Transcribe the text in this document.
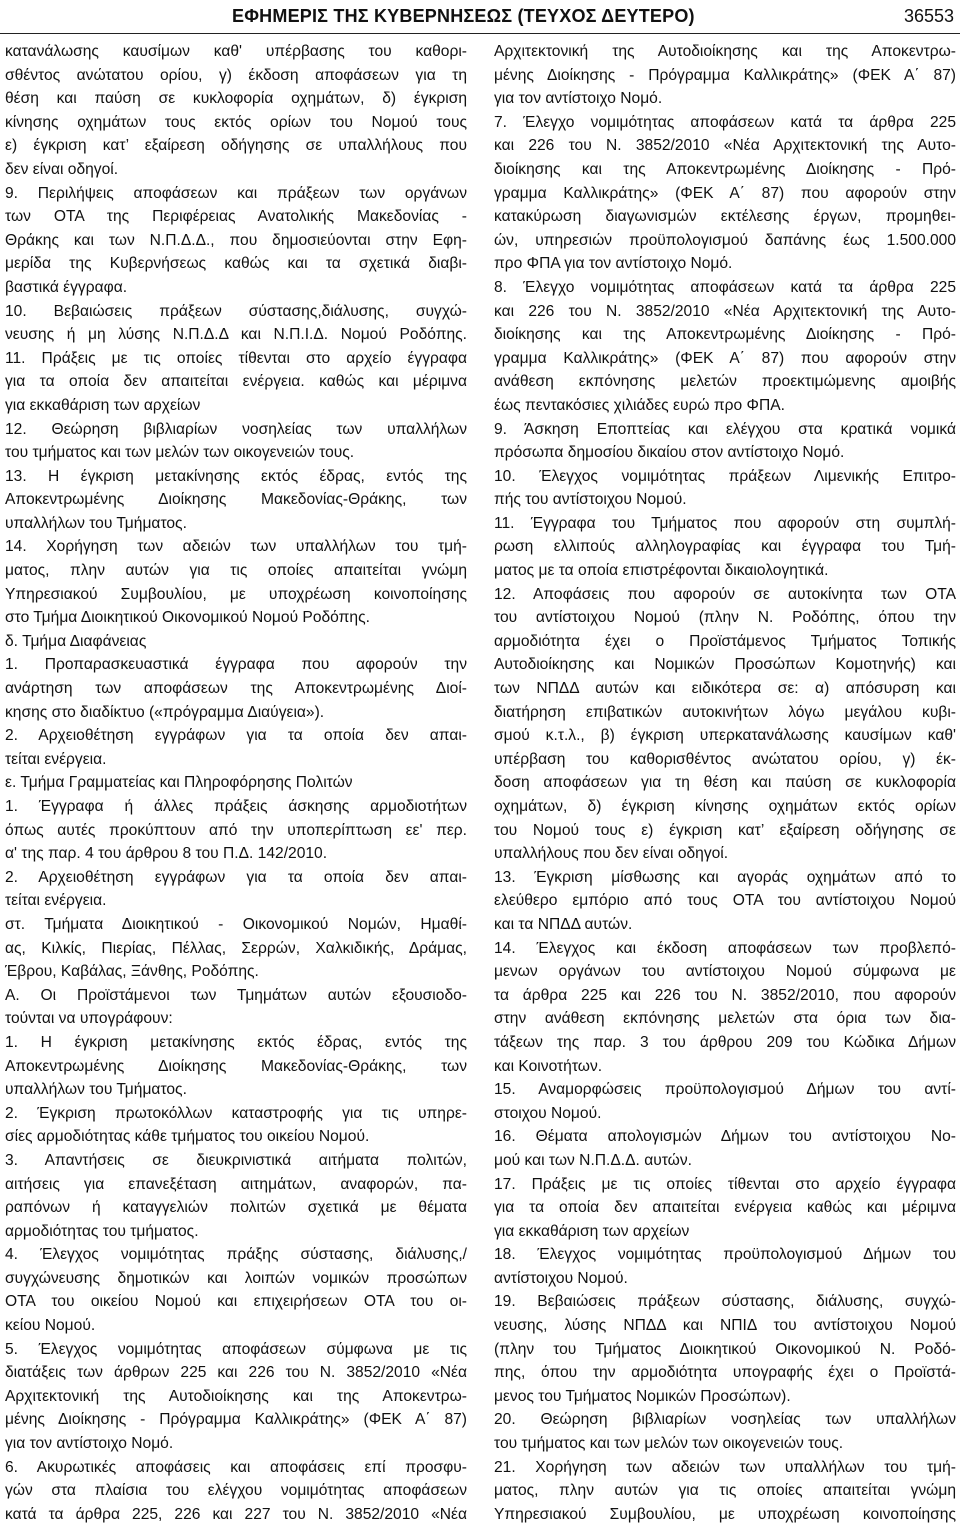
ΕΦΗΜΕΡΙΣ ΤΗΣ ΚΥΒΕΡΝΗΣΕΩΣ (ΤΕΥΧΟΣ ΔΕΥΤΕΡΟ)	36553
κατανάλωσης καυσίμων καθ' υπέρβασης του καθορι-
σθέντος ανώτατου ορίου, γ) έκδοση αποφάσεων για τη
θέση και παύση σε κυκλοφορία οχημάτων, δ) έγκριση
κίνησης οχημάτων τους εκτός ορίων του Νομού τους
ε) έγκριση κατ’ εξαίρεση οδήγησης σε υπαλλήλους που
δεν είναι οδηγοί.
9. Περιλήψεις αποφάσεων και πράξεων των οργάνων
των ΟΤΑ της Περιφέρειας Ανατολικής Μακεδονίας -
Θράκης και των Ν.Π.Δ.Δ., που δημοσιεύονται στην Εφη-
μερίδα της Κυβερνήσεως καθώς και τα σχετικά διαβι-
βαστικά έγγραφα.
10. Βεβαιώσεις πράξεων σύστασης,διάλυσης, συγχώ-
νευσης ή μη λύσης Ν.Π.Δ.Δ και Ν.Π.Ι.Δ. Νομού Ροδόπης.
11. Πράξεις με τις οποίες τίθενται στο αρχείο έγγραφα
για τα οποία δεν απαιτείται ενέργεια. καθώς και μέριμνα
για εκκαθάριση των αρχείων
12. Θεώρηση βιβλιαρίων νοσηλείας των υπαλλήλων
του τμήματος και των μελών των οικογενειών τους.
13. Η έγκριση μετακίνησης εκτός έδρας, εντός της
Αποκεντρωμένης Διοίκησης Μακεδονίας-Θράκης, των
υπαλλήλων του Τμήματος.
14. Χορήγηση των αδειών των υπαλλήλων του τμή-
ματος, πλην αυτών για τις οποίες απαιτείται γνώμη
Υπηρεσιακού Συμβουλίου, με υποχρέωση κοινοποίησης
στο Τμήμα Διοικητικού Οικονομικού Νομού Ροδόπης.
δ. Τμήμα Διαφάνειας
1. Προπαρασκευαστικά έγγραφα που αφορούν την
ανάρτηση των αποφάσεων της Αποκεντρωμένης Διοί-
κησης στο διαδίκτυο («πρόγραμμα Διαύγεια»).
2. Αρχειοθέτηση εγγράφων για τα οποία δεν απαι-
τείται ενέργεια.
ε. Τμήμα Γραμματείας και Πληροφόρησης Πολιτών
1. Έγγραφα ή άλλες πράξεις άσκησης αρμοδιοτήτων
όπως αυτές προκύπτουν από την υποπερίπτωση εε' περ.
α' της παρ. 4 του άρθρου 8 του Π.Δ. 142/2010.
2. Αρχειοθέτηση εγγράφων για τα οποία δεν απαι-
τείται ενέργεια.
στ. Τμήματα Διοικητικού - Οικονομικού Νομών, Ημαθί-
ας, Κιλκίς, Πιερίας, Πέλλας, Σερρών, Χαλκιδικής, Δράμας,
Έβρου, Καβάλας, Ξάνθης, Ροδόπης.
Α. Οι Προϊστάμενοι των Τμημάτων αυτών εξουσιοδο-
τούνται να υπογράφουν:
1. Η έγκριση μετακίνησης εκτός έδρας, εντός της
Αποκεντρωμένης Διοίκησης Μακεδονίας-Θράκης, των
υπαλλήλων του Τμήματος.
2. Έγκριση πρωτοκόλλων καταστροφής για τις υπηρε-
σίες αρμοδιότητας κάθε τμήματος του οικείου Νομού.
3. Απαντήσεις σε διευκρινιστικά αιτήματα πολιτών,
αιτήσεις για επανεξέταση αιτημάτων, αναφορών, πα-
ραπόνων ή καταγγελιών πολιτών σχετικά με θέματα
αρμοδιότητας του τμήματος.
4. Έλεγχος νομιμότητας πράξης σύστασης, διάλυσης,/
συγχώνευσης δημοτικών και λοιπών νομικών προσώπων
ΟΤΑ του οικείου Νομού και επιχειρήσεων ΟΤΑ του οι-
κείου Νομού.
5. Έλεγχος νομιμότητας αποφάσεων σύμφωνα με τις
διατάξεις των άρθρων 225 και 226 του Ν. 3852/2010 «Νέα
Αρχιτεκτονική της Αυτοδιοίκησης και της Αποκεντρω-
μένης Διοίκησης - Πρόγραμμα Καλλικράτης» (ΦΕΚ Α΄ 87)
για τον αντίστοιχο Νομό.
6. Ακυρωτικές αποφάσεις και αποφάσεις επί προσφυ-
γών στα πλαίσια του ελέγχου νομιμότητας αποφάσεων
κατά τα άρθρα 225, 226 και 227 του Ν. 3852/2010 «Νέα
Αρχιτεκτονική της Αυτοδιοίκησης και της Αποκεντρω-
μένης Διοίκησης - Πρόγραμμα Καλλικράτης» (ΦΕΚ Α΄ 87)
για τον αντίστοιχο Νομό.
7. Έλεγχο νομιμότητας αποφάσεων κατά τα άρθρα 225
και 226 του Ν. 3852/2010 «Νέα Αρχιτεκτονική της Αυτο-
διοίκησης και της Αποκεντρωμένης Διοίκησης - Πρό-
γραμμα Καλλικράτης» (ΦΕΚ Α΄ 87) που αφορούν στην
κατακύρωση διαγωνισμών εκτέλεσης έργων, προμηθει-
ών, υπηρεσιών προϋπολογισμού δαπάνης έως 1.500.000
προ ΦΠΑ για τον αντίστοιχο Νομό.
8. Έλεγχο νομιμότητας αποφάσεων κατά τα άρθρα 225
και 226 του Ν. 3852/2010 «Νέα Αρχιτεκτονική της Αυτο-
διοίκησης και της Αποκεντρωμένης Διοίκησης - Πρό-
γραμμα Καλλικράτης» (ΦΕΚ Α΄ 87) που αφορούν στην
ανάθεση εκπόνησης μελετών προεκτιμώμενης αμοιβής
έως πεντακόσιες χιλιάδες ευρώ προ ΦΠΑ.
9. Άσκηση Εποπτείας και ελέγχου στα κρατικά νομικά
πρόσωπα δημοσίου δικαίου στον αντίστοιχο Νομό.
10. Έλεγχος νομιμότητας πράξεων Λιμενικής Επιτρο-
πής του αντίστοιχου Νομού.
11. Έγγραφα του Τμήματος που αφορούν στη συμπλή-
ρωση ελλιπούς αλληλογραφίας και έγγραφα του Τμή-
ματος με τα οποία επιστρέφονται δικαιολογητικά.
12. Αποφάσεις που αφορούν σε αυτοκίνητα των ΟΤΑ
του αντίστοιχου Νομού (πλην Ν. Ροδόπης, όπου την
αρμοδιότητα έχει ο Προϊστάμενος Τμήματος Τοπικής
Αυτοδιοίκησης και Νομικών Προσώπων Κομοτηνής) και
των ΝΠΔΔ αυτών και ειδικότερα σε: α) απόσυρση και
διατήρηση επιβατικών αυτοκινήτων λόγω μεγάλου κυβι-
σμού κ.τ.λ., β) έγκριση υπερκατανάλωσης καυσίμων καθ'
υπέρβαση του καθορισθέντος ανώτατου ορίου, γ) έκ-
δοση αποφάσεων για τη θέση και παύση σε κυκλοφορία
οχημάτων, δ) έγκριση κίνησης οχημάτων εκτός ορίων
του Νομού τους ε) έγκριση κατ’ εξαίρεση οδήγησης σε
υπαλλήλους που δεν είναι οδηγοί.
13. Έγκριση μίσθωσης και αγοράς οχημάτων από το
ελεύθερο εμπόριο από τους ΟΤΑ του αντίστοιχου Νομού
και τα ΝΠΔΔ αυτών.
14. Έλεγχος και έκδοση αποφάσεων των προβλεπό-
μενων οργάνων του αντίστοιχου Νομού σύμφωνα με
τα άρθρα 225 και 226 του Ν. 3852/2010, που αφορούν
στην ανάθεση εκπόνησης μελετών στα όρια των δια-
τάξεων της παρ. 3 του άρθρου 209 του Κώδικα Δήμων
και Κοινοτήτων.
15. Αναμορφώσεις προϋπολογισμού Δήμων του αντί-
στοιχου Νομού.
16. Θέματα απολογισμών Δήμων του αντίστοιχου Νο-
μού και των Ν.Π.Δ.Δ. αυτών.
17. Πράξεις με τις οποίες τίθενται στο αρχείο έγγραφα
για τα οποία δεν απαιτείται ενέργεια καθώς και μέριμνα
για εκκαθάριση των αρχείων
18. Έλεγχος νομιμότητας προϋπολογισμού Δήμων του
αντίστοιχου Νομού.
19. Βεβαιώσεις πράξεων σύστασης, διάλυσης, συγχώ-
νευσης, λύσης ΝΠΔΔ και ΝΠΙΔ του αντίστοιχου Νομού
(πλην του Τμήματος Διοικητικού Οικονομικού Ν. Ροδό-
πης, όπου την αρμοδιότητα υπογραφής έχει ο Προϊστά-
μενος του Τμήματος Νομικών Προσώπων).
20. Θεώρηση βιβλιαρίων νοσηλείας των υπαλλήλων
του τμήματος και των μελών των οικογενειών τους.
21. Χορήγηση των αδειών των υπαλλήλων του τμή-
ματος, πλην αυτών για τις οποίες απαιτείται γνώμη
Υπηρεσιακού Συμβουλίου, με υποχρέωση κοινοποίησης
